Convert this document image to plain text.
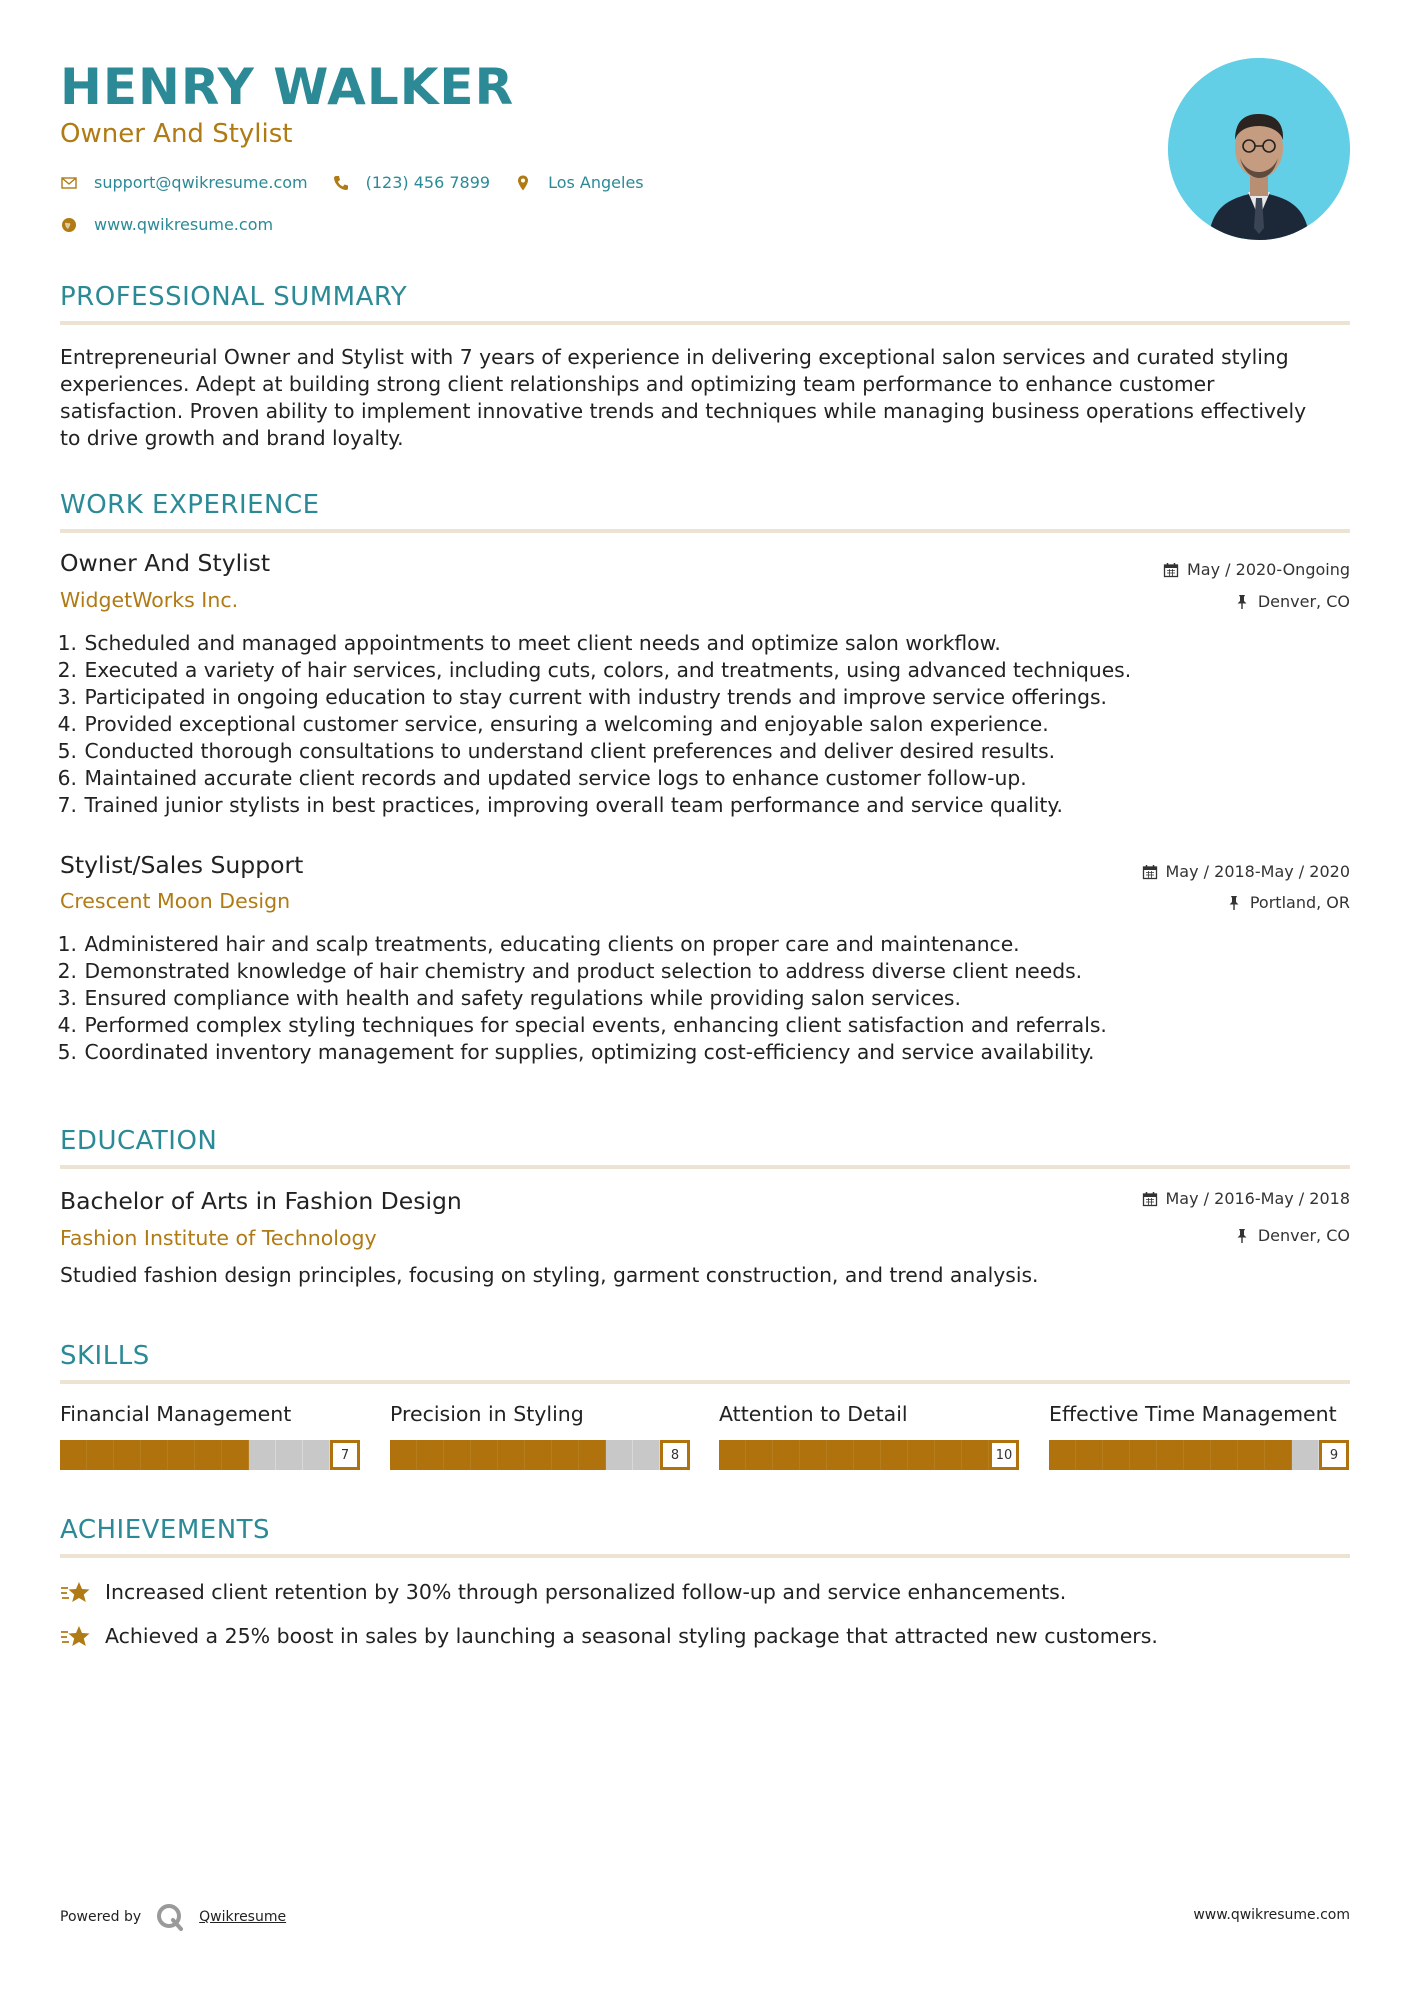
HENRY WALKER
Owner And Stylist
support@qwikresume.com	(123) 456 7899	Los Angeles
www.qwikresume.com
PROFESSIONAL SUMMARY
Entrepreneurial Owner and Stylist with 7 years of experience in delivering exceptional salon services and curated styling
experiences. Adept at building strong client relationships and optimizing team performance to enhance customer
satisfaction. Proven ability to implement innovative trends and techniques while managing business operations effectively
to drive growth and brand loyalty.
WORK EXPERIENCE
Owner And Stylist
WidgetWorks Inc.
May / 2020-Ongoing
Denver, CO
1.
Scheduled and managed appointments to meet client needs and optimize salon workflow.
2.
Executed a variety of hair services, including cuts, colors, and treatments, using advanced techniques.
3.
Participated in ongoing education to stay current with industry trends and improve service offerings.
4.
Provided exceptional customer service, ensuring a welcoming and enjoyable salon experience.
5.
Conducted thorough consultations to understand client preferences and deliver desired results.
6.
Maintained accurate client records and updated service logs to enhance customer follow-up.
7.
Trained junior stylists in best practices, improving overall team performance and service quality.
Stylist/Sales Support
Crescent Moon Design
May / 2018-May / 2020
Portland, OR
1.
Administered hair and scalp treatments, educating clients on proper care and maintenance.
2.
Demonstrated knowledge of hair chemistry and product selection to address diverse client needs.
3.
Ensured compliance with health and safety regulations while providing salon services.
4.
Performed complex styling techniques for special events, enhancing client satisfaction and referrals.
5.
Coordinated inventory management for supplies, optimizing cost-efficiency and service availability.
EDUCATION
Bachelor of Arts in Fashion Design
Fashion Institute of Technology
May / 2016-May / 2018
Denver, CO
Studied fashion design principles, focusing on styling, garment construction, and trend analysis.
SKILLS
Financial Management
7
Precision in Styling
8
Attention to Detail
10
Effective Time Management
9
ACHIEVEMENTS
Increased client retention by 30% through personalized follow-up and service enhancements.
Achieved a 25% boost in sales by launching a seasonal styling package that attracted new customers.
Powered by	Qwikresume	www.qwikresume.com
